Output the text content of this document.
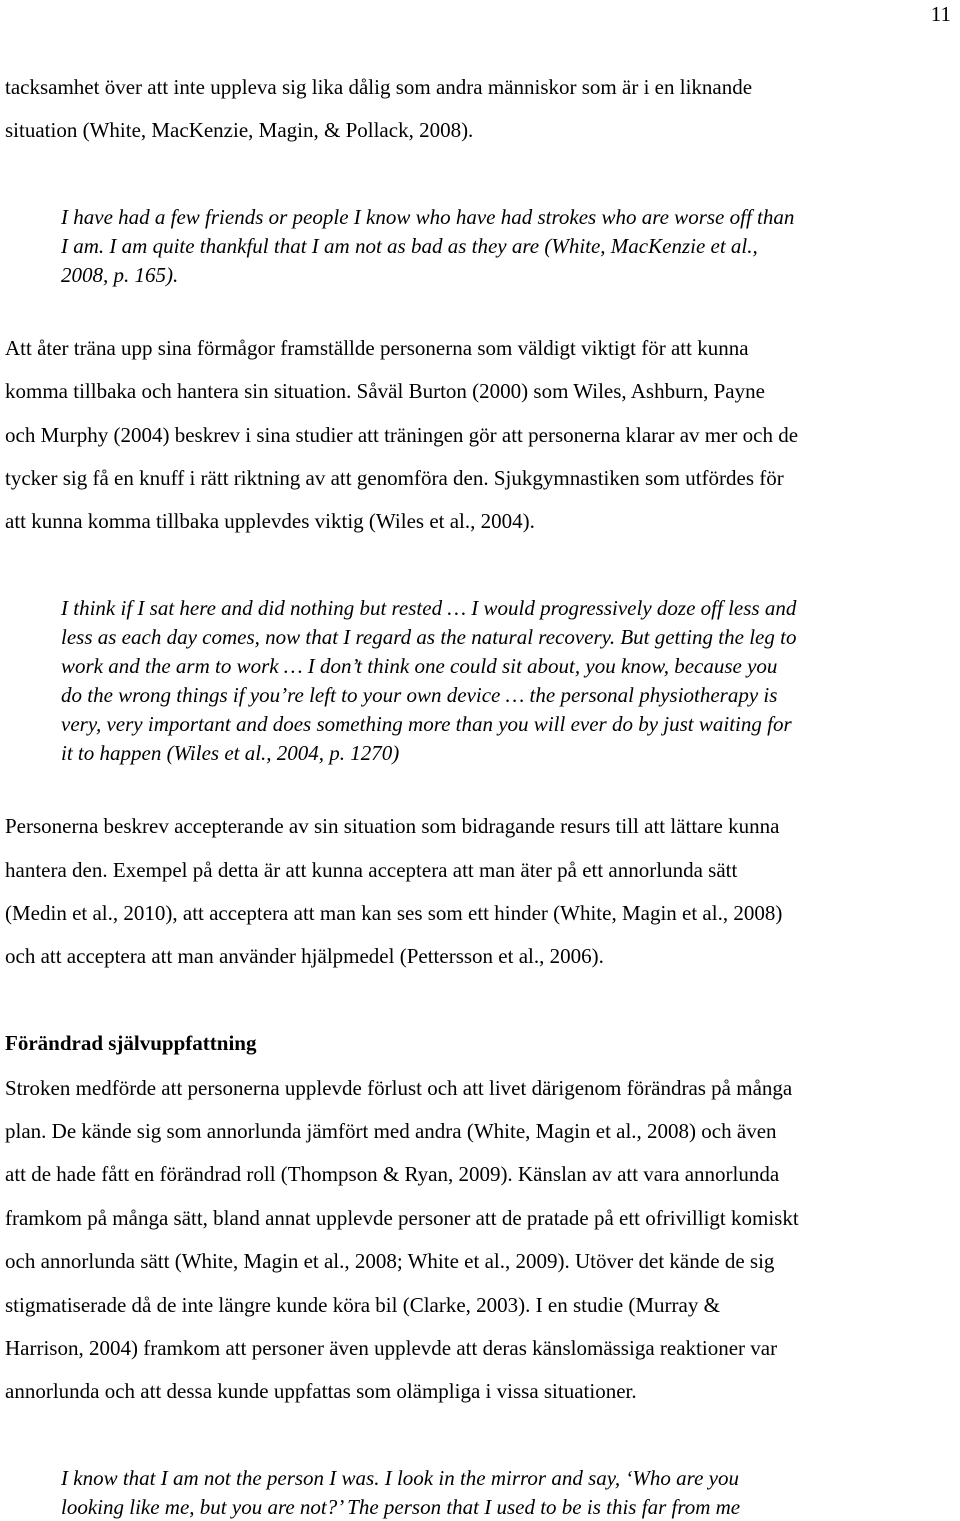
11

tacksamhet över att inte uppleva sig lika dålig som andra människor som är i en liknande

situation (White, MacKenzie, Magin, & Pollack, 2008).

I have had a few friends or people I know who have had strokes who are worse off than

I am. I am quite thankful that I am not as bad as they are (White, MacKenzie et al.,

2008, p. 165).

Att åter träna upp sina förmågor framställde personerna som väldigt viktigt för att kunna

komma tillbaka och hantera sin situation. Såväl Burton (2000) som Wiles, Ashburn, Payne

och Murphy (2004) beskrev i sina studier att träningen gör att personerna klarar av mer och de

tycker sig få en knuff i rätt riktning av att genomföra den. Sjukgymnastiken som utfördes för

att kunna komma tillbaka upplevdes viktig (Wiles et al., 2004).

I think if I sat here and did nothing but rested … I would progressively doze off less and

less as each day comes, now that I regard as the natural recovery. But getting the leg to

work and the arm to work … I don’t think one could sit about, you know, because you

do the wrong things if you’re left to your own device … the personal physiotherapy is

very, very important and does something more than you will ever do by just waiting for

it to happen (Wiles et al., 2004, p. 1270)

Personerna beskrev accepterande av sin situation som bidragande resurs till att lättare kunna

hantera den. Exempel på detta är att kunna acceptera att man äter på ett annorlunda sätt

(Medin et al., 2010), att acceptera att man kan ses som ett hinder (White, Magin et al., 2008)

och att acceptera att man använder hjälpmedel (Pettersson et al., 2006).

Förändrad självuppfattning

Stroken medförde att personerna upplevde förlust och att livet därigenom förändras på många

plan. De kände sig som annorlunda jämfört med andra (White, Magin et al., 2008) och även

att de hade fått en förändrad roll (Thompson & Ryan, 2009). Känslan av att vara annorlunda

framkom på många sätt, bland annat upplevde personer att de pratade på ett ofrivilligt komiskt

och annorlunda sätt (White, Magin et al., 2008; White et al., 2009). Utöver det kände de sig

stigmatiserade då de inte längre kunde köra bil (Clarke, 2003). I en studie (Murray &

Harrison, 2004) framkom att personer även upplevde att deras känslomässiga reaktioner var

annorlunda och att dessa kunde uppfattas som olämpliga i vissa situationer.

I know that I am not the person I was. I look in the mirror and say, ‘Who are you

looking like me, but you are not?’ The person that I used to be is this far from me
